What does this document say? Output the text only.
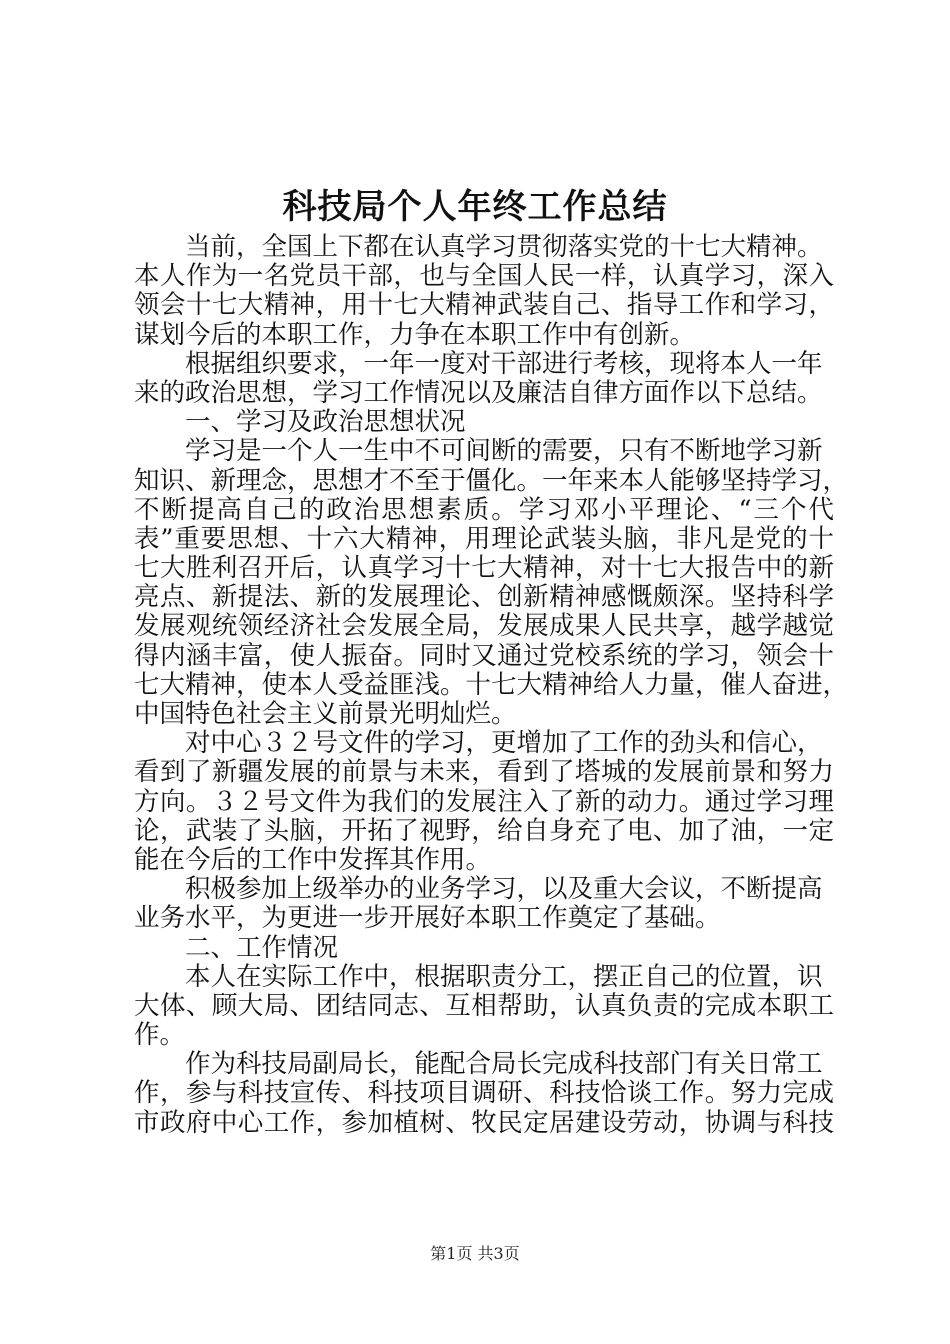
科技局个人年终工作总结
当前，全国上下都在认真学习贯彻落实党的十七大精神。
本人作为一名党员干部，也与全国人民一样，认真学习，深入
领会十七大精神，用十七大精神武装自己、指导工作和学习，
谋划今后的本职工作，力争在本职工作中有创新。
根据组织要求，一年一度对干部进行考核，现将本人一年
来的政治思想，学习工作情况以及廉洁自律方面作以下总结。
一、学习及政治思想状况
学习是一个人一生中不可间断的需要，只有不断地学习新
知识、新理念，思想才不至于僵化。一年来本人能够坚持学习，
不断提高自己的政治思想素质。学习邓小平理论、“三个代
表”重要思想、十六大精神，用理论武装头脑，非凡是党的十
七大胜利召开后，认真学习十七大精神，对十七大报告中的新
亮点、新提法、新的发展理论、创新精神感慨颇深。坚持科学
发展观统领经济社会发展全局，发展成果人民共享，越学越觉
得内涵丰富，使人振奋。同时又通过党校系统的学习，领会十
七大精神，使本人受益匪浅。十七大精神给人力量，催人奋进，
中国特色社会主义前景光明灿烂。
对中心３２号文件的学习，更增加了工作的劲头和信心，
看到了新疆发展的前景与未来，看到了塔城的发展前景和努力
方向。３２号文件为我们的发展注入了新的动力。通过学习理
论，武装了头脑，开拓了视野，给自身充了电、加了油，一定
能在今后的工作中发挥其作用。
积极参加上级举办的业务学习，以及重大会议，不断提高
业务水平，为更进一步开展好本职工作奠定了基础。
二、工作情况
本人在实际工作中，根据职责分工，摆正自己的位置，识
大体、顾大局、团结同志、互相帮助，认真负责的完成本职工
作。
作为科技局副局长，能配合局长完成科技部门有关日常工
作，参与科技宣传、科技项目调研、科技恰谈工作。努力完成
市政府中心工作，参加植树、牧民定居建设劳动，协调与科技
第1页 共3页
